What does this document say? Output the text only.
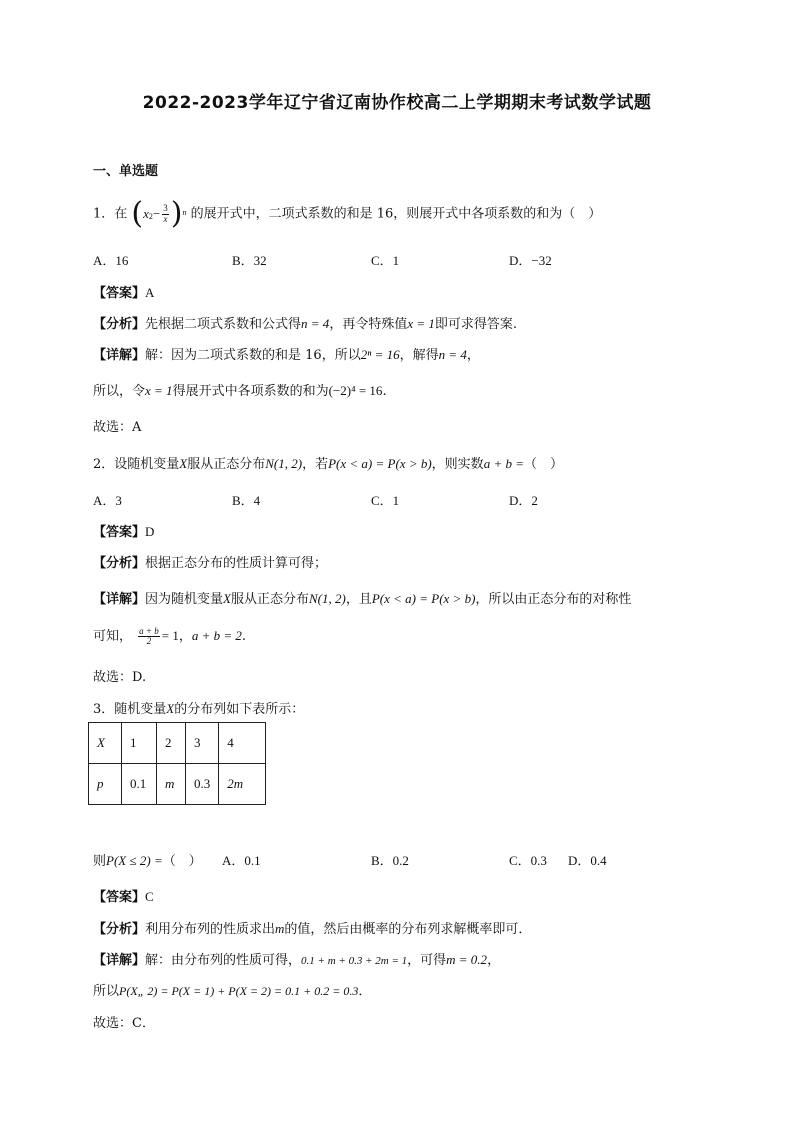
2022-2023学年辽宁省辽南协作校高二上学期期末考试数学试题
一、单选题
1．在 ( $x_2 - \frac{3}{x}$ ) n 的展开式中，二项式系数的和是 16，则展开式中各项系数的和为（　）
A．16	B．32	C．1	D．−32
【答案】A
【分析】先根据二项式系数和公式得n = 4，再令特殊值x = 1即可求得答案.
【详解】解：因为二项式系数的和是 16，所以2ⁿ = 16，解得n = 4，
所以，令x = 1得展开式中各项系数的和为(−2)⁴ = 16.
故选：A
2．设随机变量X服从正态分布N(1, 2)，若P(x < a) = P(x > b)，则实数a + b =（　）
A．3	B．4	C．1	D．2
【答案】D
【分析】根据正态分布的性质计算可得；
【详解】因为随机变量X服从正态分布N(1, 2)，且P(x < a) = P(x > b)，所以由正态分布的对称性
可知， $\frac{a + b}{2} = 1$，a + b = 2.
故选：D.
3．随机变量X的分布列如下表所示：
X	1	2	3	4
p	0.1	m	0.3	2m
则P(X ≤ 2) =（　） A．0.1	B．0.2	C．0.3 D．0.4
【答案】C
【分析】利用分布列的性质求出m的值，然后由概率的分布列求解概率即可．
【详解】解：由分布列的性质可得，0.1 + m + 0.3 + 2m = 1，可得m = 0.2，
所以P(X„ 2) = P(X = 1) + P(X = 2) = 0.1 + 0.2 = 0.3．
故选：C．
